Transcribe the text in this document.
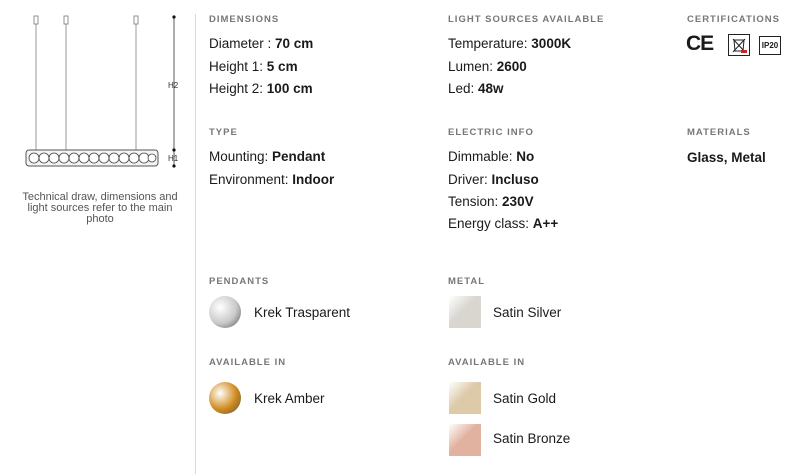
H2
H1
Technical draw, dimensions and light sources refer to the main photo
DIMENSIONS
Diameter : 70 cm
Height 1: 5 cm
Height 2: 100 cm
LIGHT SOURCES AVAILABLE
Temperature: 3000K
Lumen: 2600
Led: 48w
CERTIFICATIONS
CE	IP20
TYPE
Mounting: Pendant
Environment: Indoor
ELECTRIC INFO
Dimmable: No
Driver: Incluso
Tension: 230V
Energy class: A++
MATERIALS
Glass, Metal
PENDANTS
Krek Trasparent
AVAILABLE IN
Krek Amber
METAL
Satin Silver
AVAILABLE IN
Satin Gold
Satin Bronze
